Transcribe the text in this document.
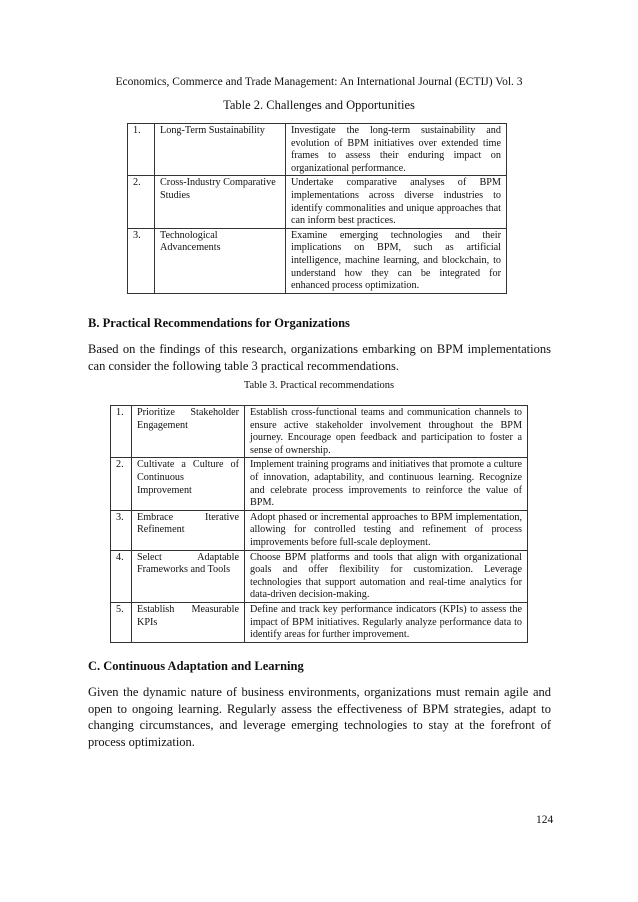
Economics, Commerce and Trade Management: An International Journal (ECTIJ) Vol. 3
Table 2. Challenges and Opportunities
1.	Long-Term Sustainability	Investigate the long-term sustainability and evolution of BPM initiatives over extended time frames to assess their enduring impact on organizational performance.
2.	Cross-Industry Comparative Studies	Undertake comparative analyses of BPM implementations across diverse industries to identify commonalities and unique approaches that can inform best practices.
3.	Technological Advancements	Examine emerging technologies and their implications on BPM, such as artificial intelligence, machine learning, and blockchain, to understand how they can be integrated for enhanced process optimization.
B. Practical Recommendations for Organizations
Based on the findings of this research, organizations embarking on BPM implementations can consider the following table 3 practical recommendations.
Table 3. Practical recommendations
1.	Prioritize Stakeholder Engagement	Establish cross-functional teams and communication channels to ensure active stakeholder involvement throughout the BPM journey. Encourage open feedback and participation to foster a sense of ownership.
2.	Cultivate a Culture of Continuous Improvement	Implement training programs and initiatives that promote a culture of innovation, adaptability, and continuous learning. Recognize and celebrate process improvements to reinforce the value of BPM.
3.	Embrace Iterative Refinement	Adopt phased or incremental approaches to BPM implementation, allowing for controlled testing and refinement of process improvements before full-scale deployment.
4.	Select Adaptable Frameworks and Tools	Choose BPM platforms and tools that align with organizational goals and offer flexibility for customization. Leverage technologies that support automation and real-time analytics for data-driven decision-making.
5.	Establish Measurable KPIs	Define and track key performance indicators (KPIs) to assess the impact of BPM initiatives. Regularly analyze performance data to identify areas for further improvement.
C. Continuous Adaptation and Learning
Given the dynamic nature of business environments, organizations must remain agile and open to ongoing learning. Regularly assess the effectiveness of BPM strategies, adapt to changing circumstances, and leverage emerging technologies to stay at the forefront of process optimization.
124
